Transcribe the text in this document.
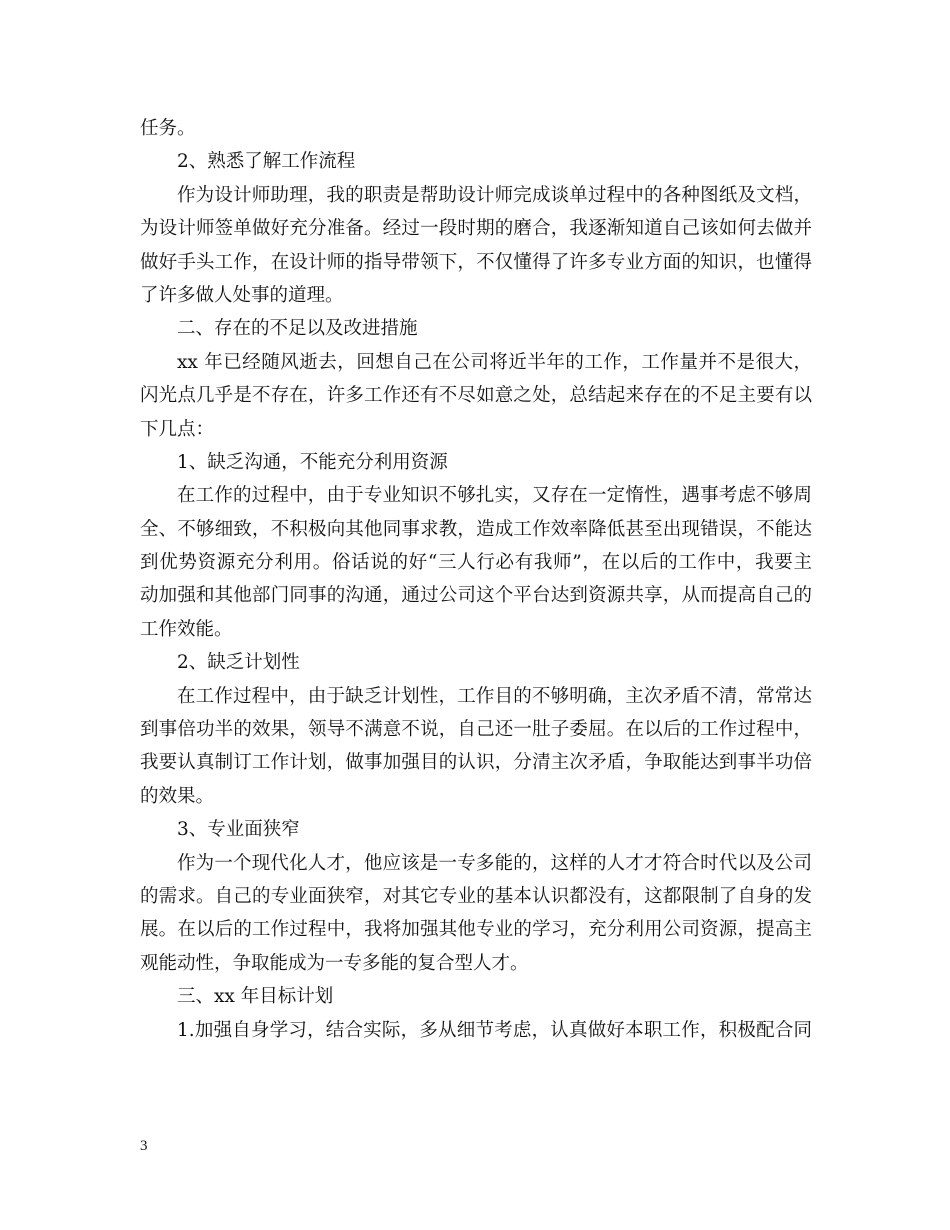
任务。
2、熟悉了解工作流程
作为设计师助理，我的职责是帮助设计师完成谈单过程中的各种图纸及文档，
为设计师签单做好充分准备。经过一段时期的磨合，我逐渐知道自己该如何去做并
做好手头工作，在设计师的指导带领下，不仅懂得了许多专业方面的知识，也懂得
了许多做人处事的道理。
二、存在的不足以及改进措施
xx 年已经随风逝去，回想自己在公司将近半年的工作，工作量并不是很大，
闪光点几乎是不存在，许多工作还有不尽如意之处，总结起来存在的不足主要有以
下几点：
1、缺乏沟通，不能充分利用资源
在工作的过程中，由于专业知识不够扎实，又存在一定惰性，遇事考虑不够周
全、不够细致，不积极向其他同事求教，造成工作效率降低甚至出现错误，不能达
到优势资源充分利用。俗话说的好“三人行必有我师”，在以后的工作中，我要主
动加强和其他部门同事的沟通，通过公司这个平台达到资源共享，从而提高自己的
工作效能。
2、缺乏计划性
在工作过程中，由于缺乏计划性，工作目的不够明确，主次矛盾不清，常常达
到事倍功半的效果，领导不满意不说，自己还一肚子委屈。在以后的工作过程中，
我要认真制订工作计划，做事加强目的认识，分清主次矛盾，争取能达到事半功倍
的效果。
3、专业面狭窄
作为一个现代化人才，他应该是一专多能的，这样的人才才符合时代以及公司
的需求。自己的专业面狭窄，对其它专业的基本认识都没有，这都限制了自身的发
展。在以后的工作过程中，我将加强其他专业的学习，充分利用公司资源，提高主
观能动性，争取能成为一专多能的复合型人才。
三、xx 年目标计划
1.加强自身学习，结合实际，多从细节考虑，认真做好本职工作，积极配合同
3
